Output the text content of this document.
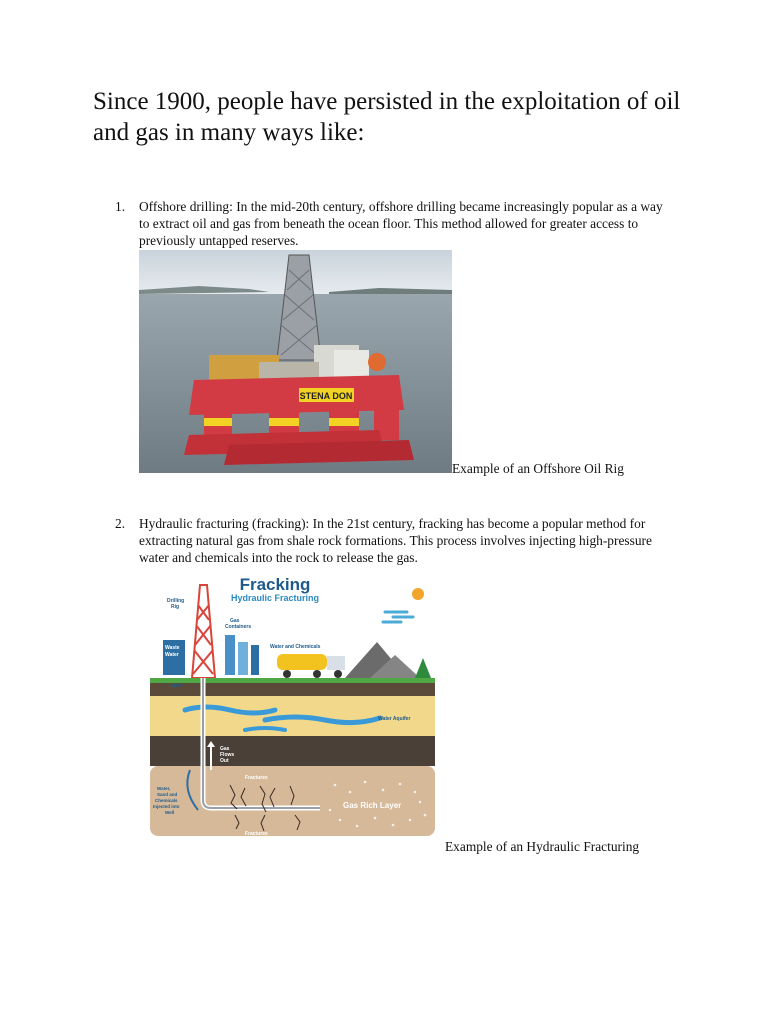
Since 1900, people have persisted in the exploitation of oil and gas in many ways like:
1. Offshore drilling: In the mid-20th century, offshore drilling became increasingly popular as a way to extract oil and gas from beneath the ocean floor. This method allowed for greater access to previously untapped reserves.
STENA DON
Example of an Offshore Oil Rig
2. Hydraulic fracturing (fracking): In the 21st century, fracking has become a popular method for extracting natural gas from shale rock formations. This process involves injecting high-pressure water and chemicals into the rock to release the gas.
Fracking
Hydraulic Fracturing
Drilling
Rig
Waste
Water
Gas
Containers
Water and Chemicals
Water Aquifer
Well
Gas
Flows
Out
Fractures
Fractures
Gas Rich Layer
Water,
Sand and
Chemicals
Injected into
Well
Example of an Hydraulic Fracturing
